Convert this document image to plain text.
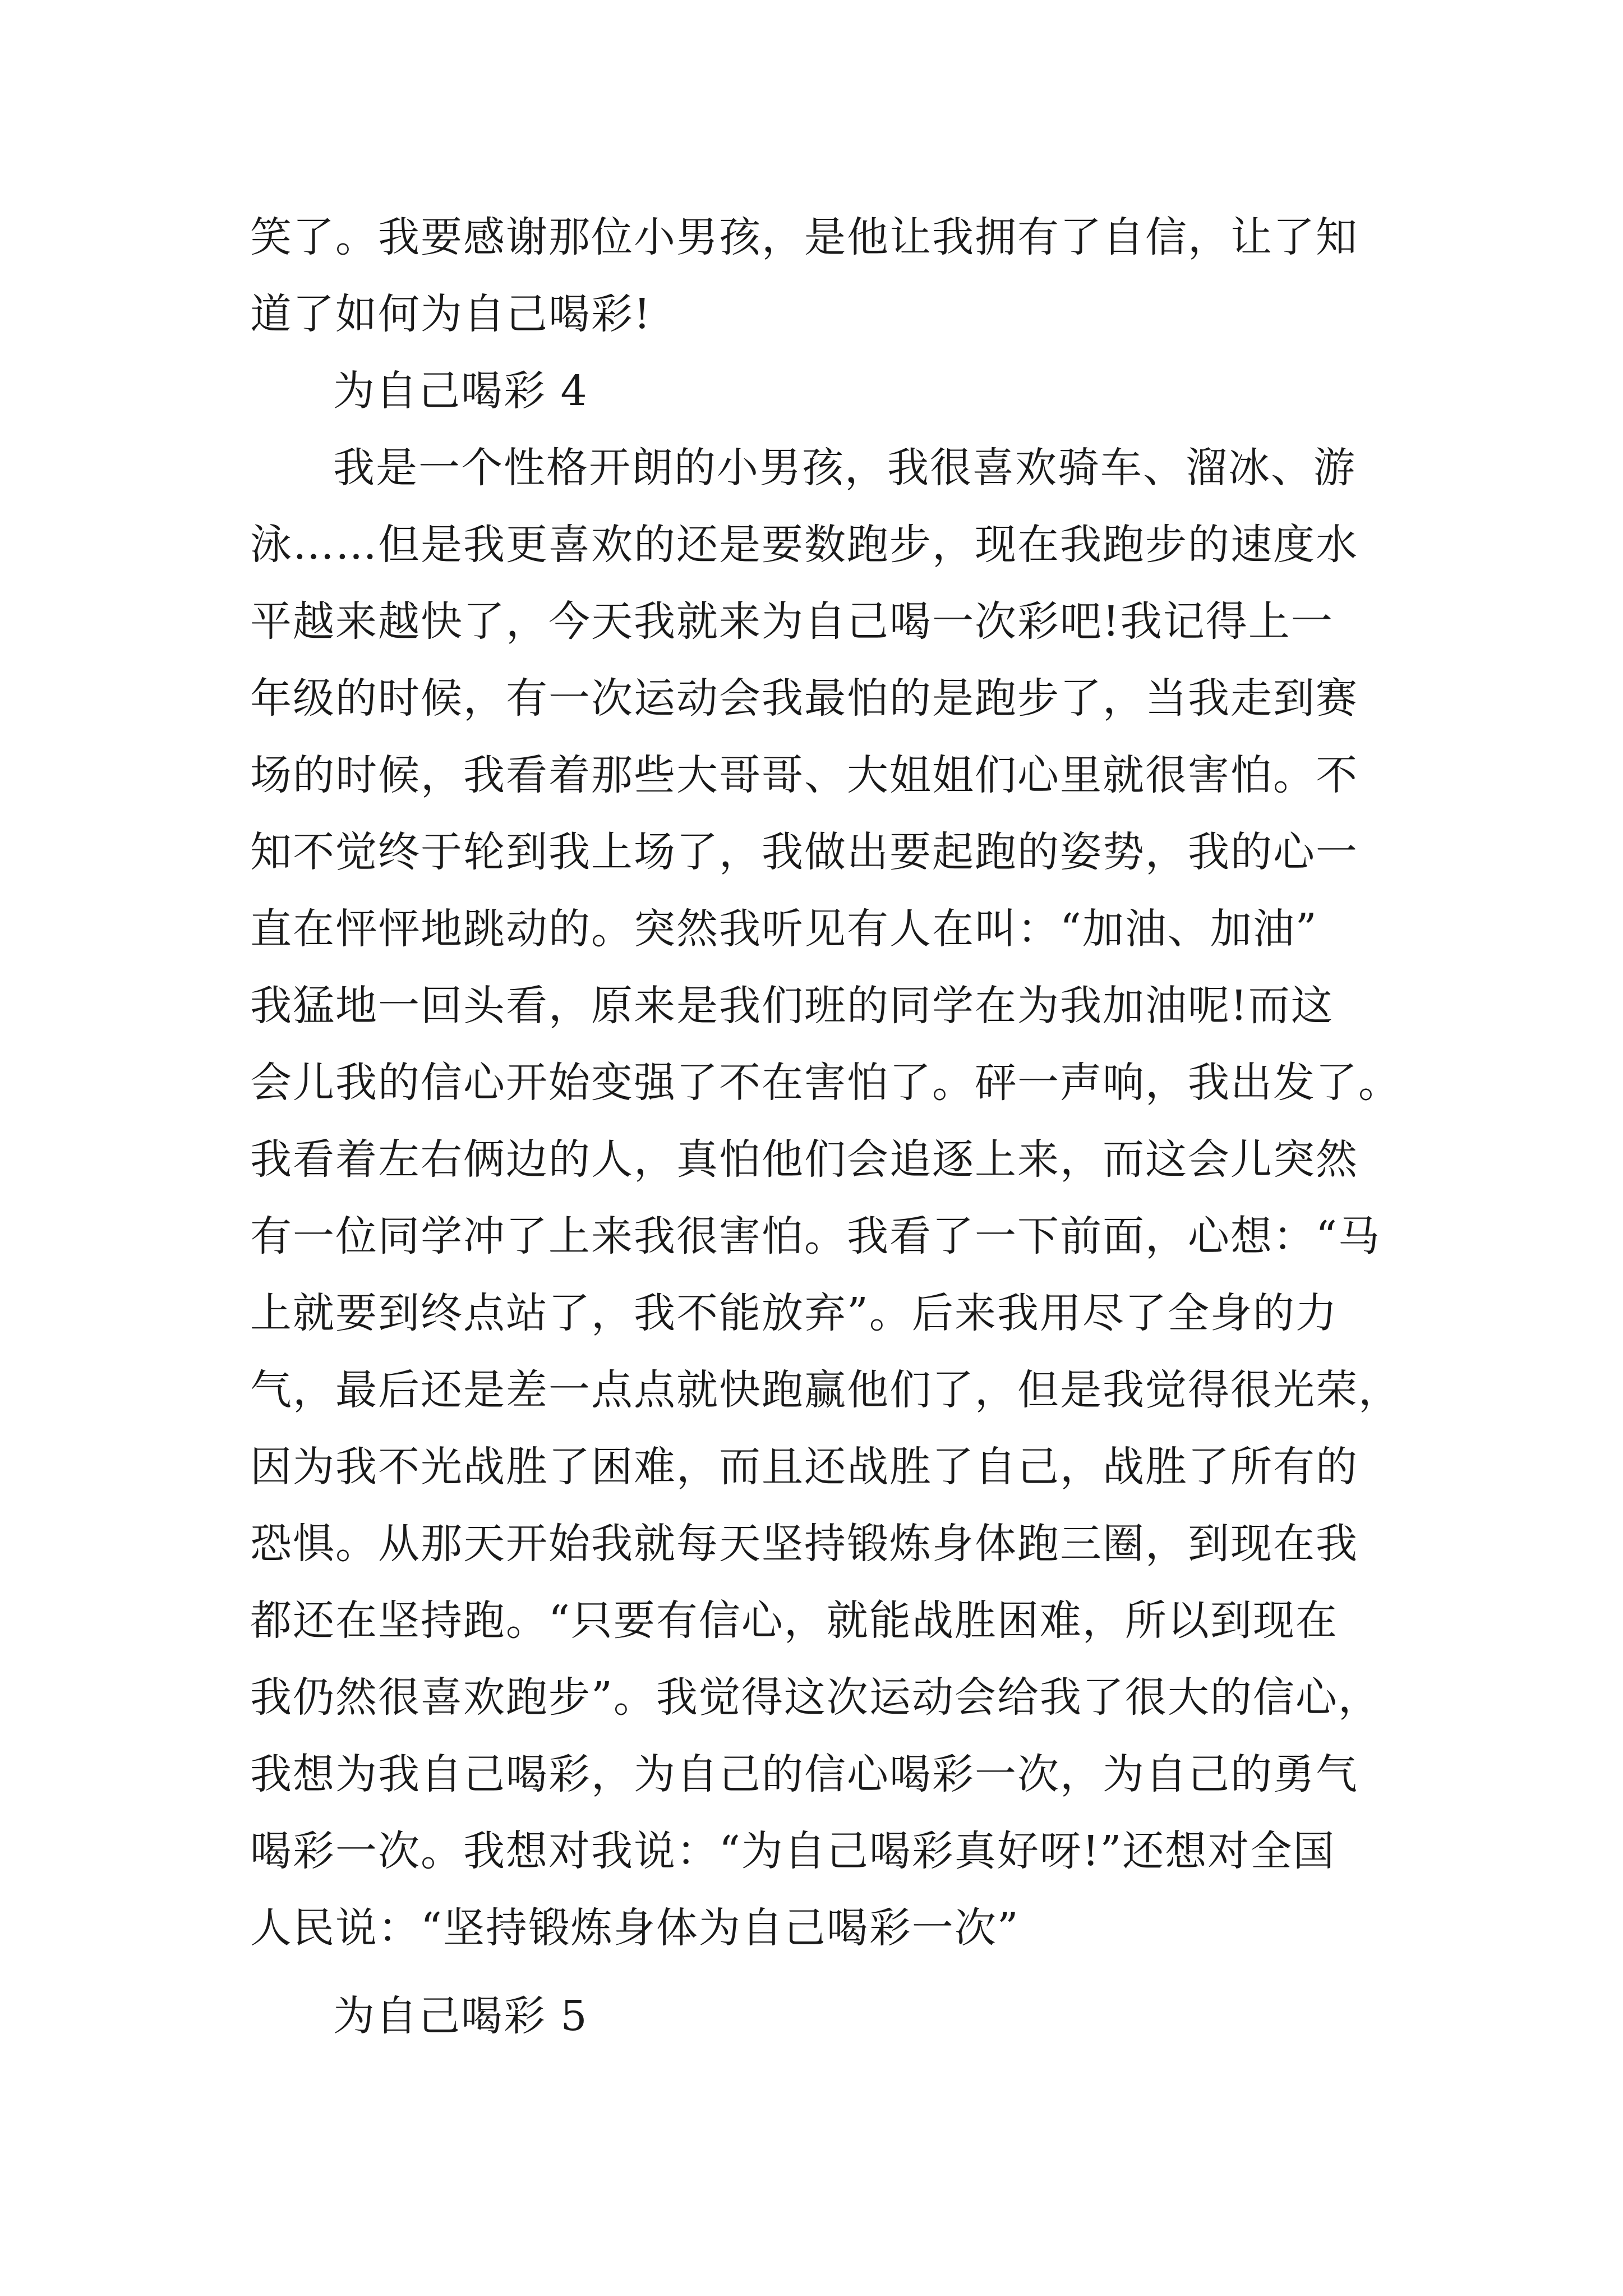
笑了。我要感谢那位小男孩，是他让我拥有了自信，让了知
道了如何为自己喝彩!
为自己喝彩 4
我是一个性格开朗的小男孩，我很喜欢骑车、溜冰、游
泳……但是我更喜欢的还是要数跑步，现在我跑步的速度水
平越来越快了，今天我就来为自己喝一次彩吧!我记得上一
年级的时候，有一次运动会我最怕的是跑步了，当我走到赛
场的时候，我看着那些大哥哥、大姐姐们心里就很害怕。不
知不觉终于轮到我上场了，我做出要起跑的姿势，我的心一
直在怦怦地跳动的。突然我听见有人在叫：“加油、加油”
我猛地一回头看，原来是我们班的同学在为我加油呢!而这
会儿我的信心开始变强了不在害怕了。砰一声响，我出发了。
我看着左右俩边的人，真怕他们会追逐上来，而这会儿突然
有一位同学冲了上来我很害怕。我看了一下前面，心想：“马
上就要到终点站了，我不能放弃”。后来我用尽了全身的力
气，最后还是差一点点就快跑赢他们了，但是我觉得很光荣，
因为我不光战胜了困难，而且还战胜了自己，战胜了所有的
恐惧。从那天开始我就每天坚持锻炼身体跑三圈，到现在我
都还在坚持跑。“只要有信心，就能战胜困难，所以到现在
我仍然很喜欢跑步”。我觉得这次运动会给我了很大的信心，
我想为我自己喝彩，为自己的信心喝彩一次，为自己的勇气
喝彩一次。我想对我说：“为自己喝彩真好呀!”还想对全国
人民说：“坚持锻炼身体为自己喝彩一次”
为自己喝彩 5
